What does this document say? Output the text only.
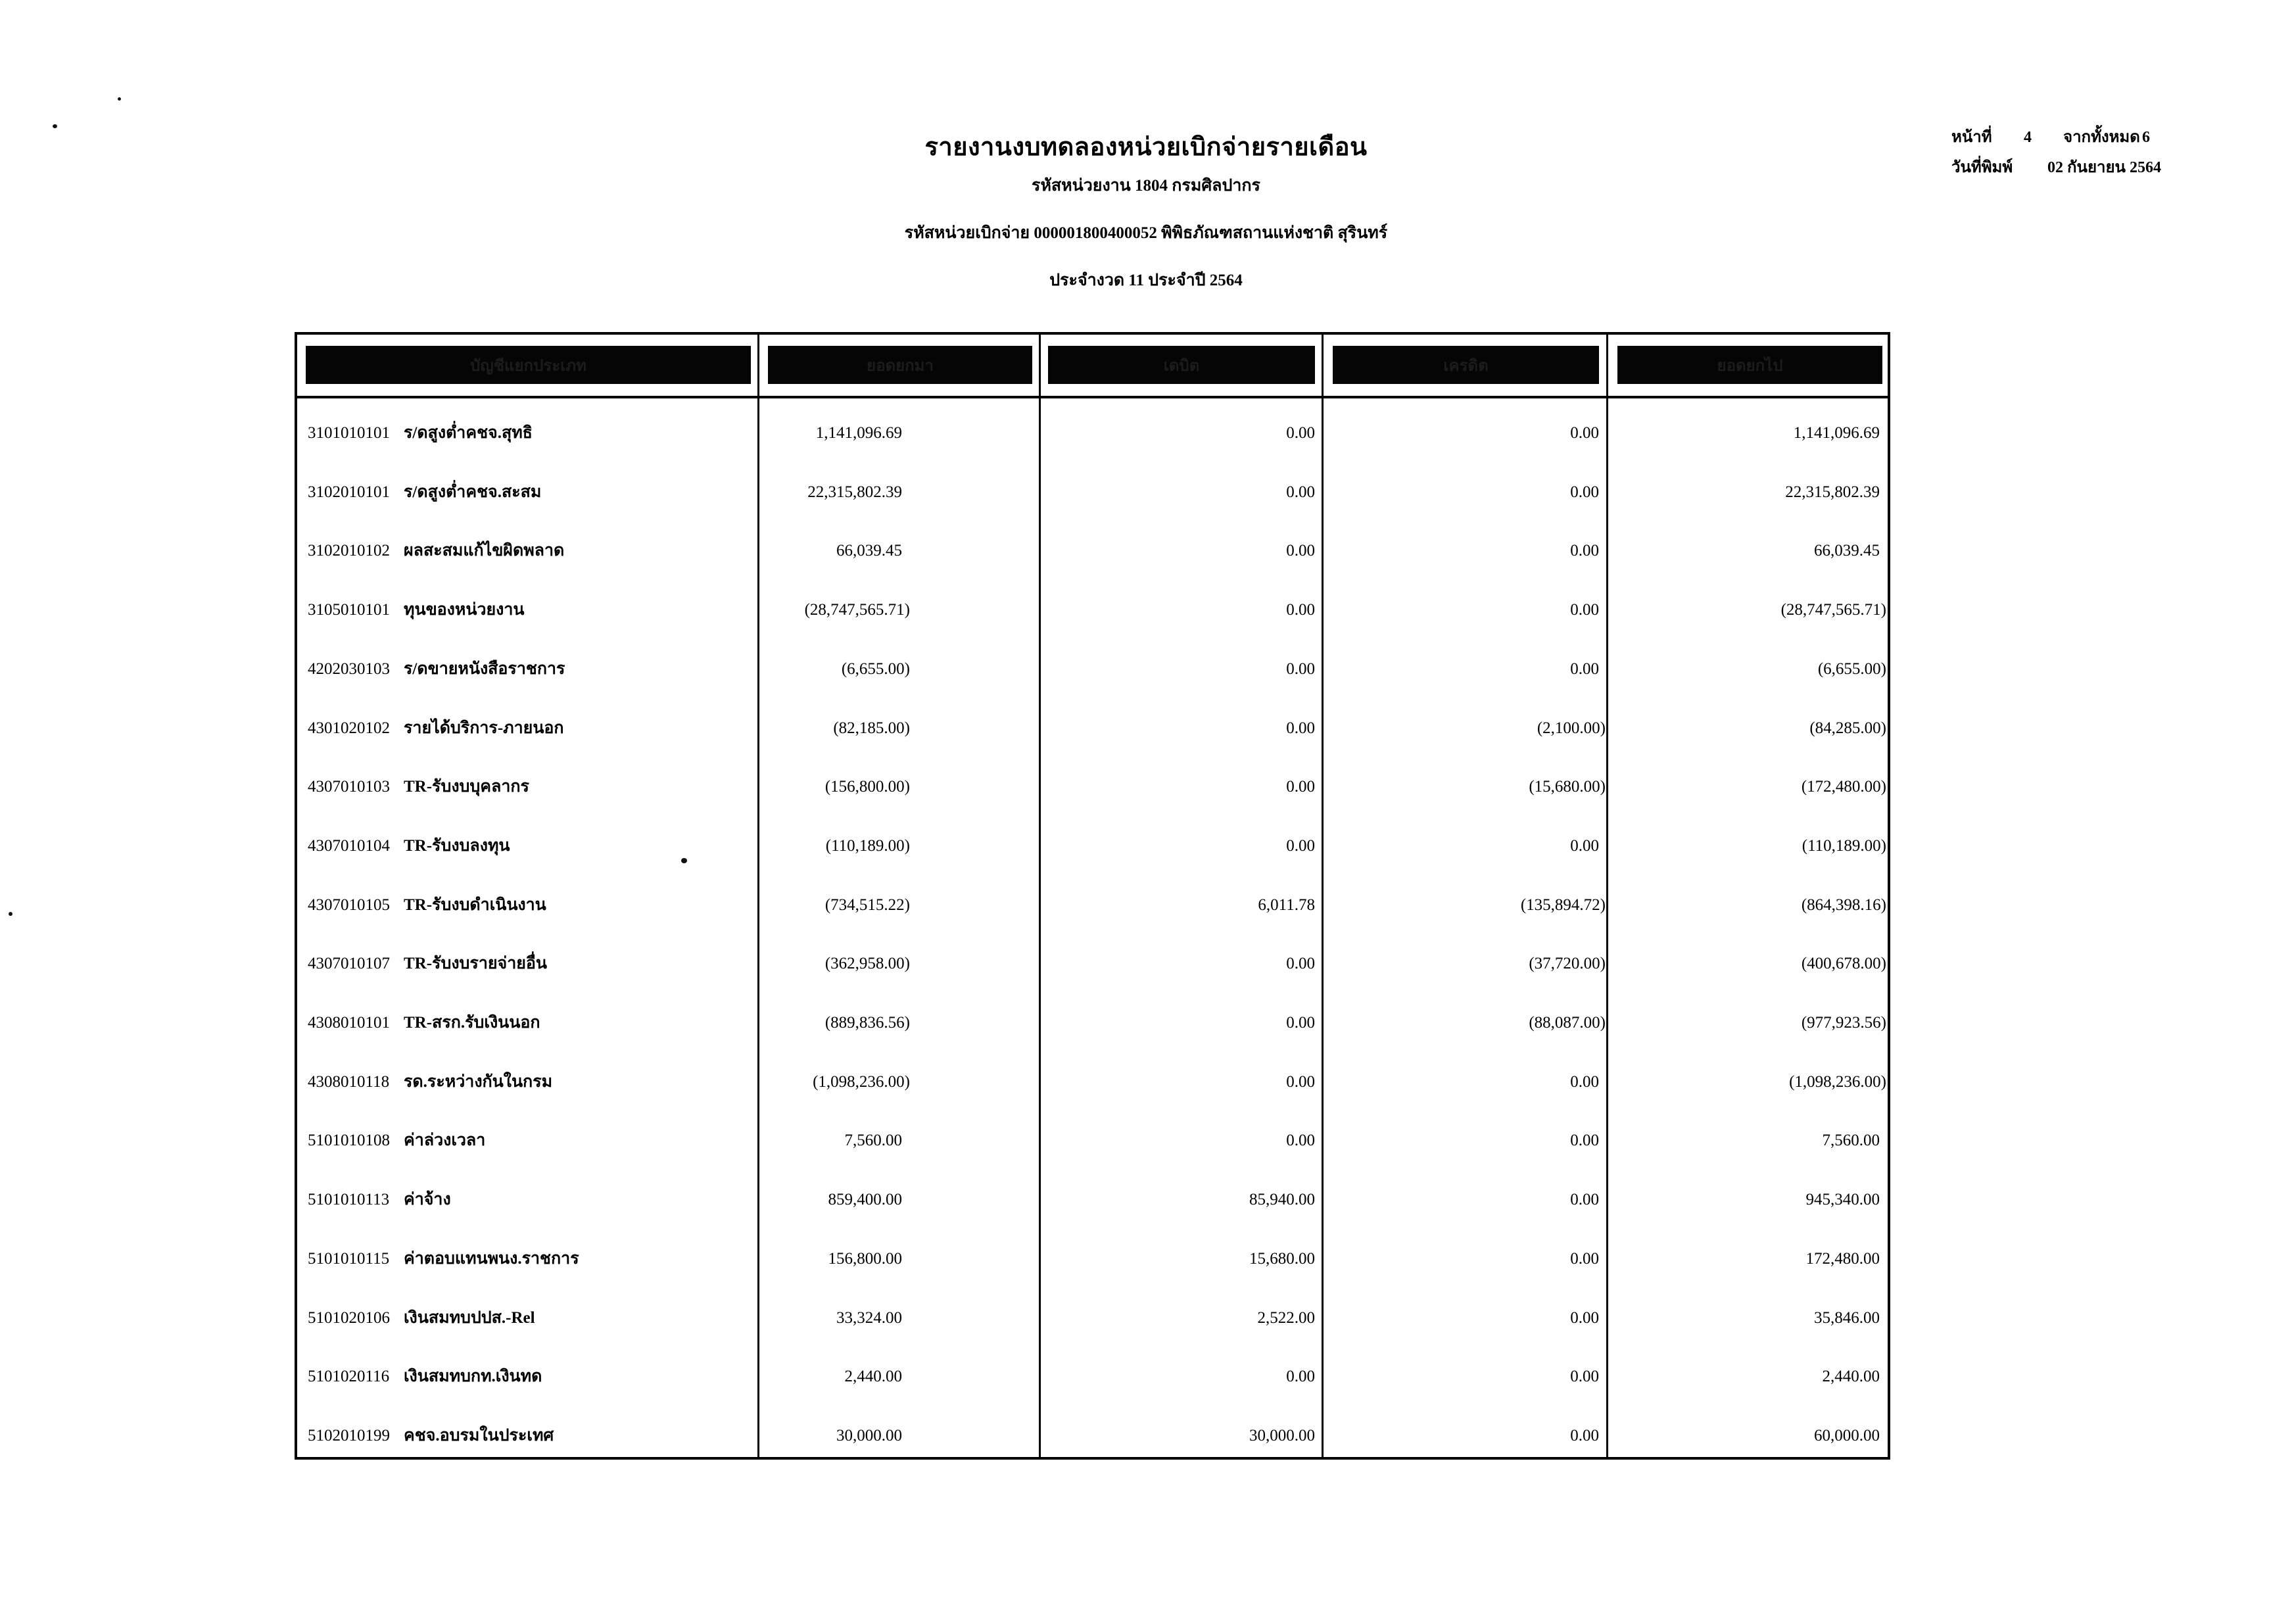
รายงานงบทดลองหน่วยเบิกจ่ายรายเดือน
รหัสหน่วยงาน 1804 กรมศิลปากร
รหัสหน่วยเบิกจ่าย 000001800400052 พิพิธภัณฑสถานแห่งชาติ สุรินทร์
ประจำงวด 11 ประจำปี 2564
หน้าที่ 4 จากทั้งหมด 6
วันที่พิมพ์ 02 กันยายน 2564
บัญชีแยกประเภท	ยอดยกมา	เดบิต	เครดิต	ยอดยกไป
3101010101 ร/ดสูงต่ำคชจ.สุทธิ	1,141,096.69	0.00	0.00	1,141,096.69
3102010101 ร/ดสูงต่ำคชจ.สะสม	22,315,802.39	0.00	0.00	22,315,802.39
3102010102 ผลสะสมแก้ไขผิดพลาด	66,039.45	0.00	0.00	66,039.45
3105010101 ทุนของหน่วยงาน	(28,747,565.71)	0.00	0.00	(28,747,565.71)
4202030103 ร/ดขายหนังสือราชการ	(6,655.00)	0.00	0.00	(6,655.00)
4301020102 รายได้บริการ-ภายนอก	(82,185.00)	0.00	(2,100.00)	(84,285.00)
4307010103 TR-รับงบบุคลากร	(156,800.00)	0.00	(15,680.00)	(172,480.00)
4307010104 TR-รับงบลงทุน	(110,189.00)	0.00	0.00	(110,189.00)
4307010105 TR-รับงบดำเนินงาน	(734,515.22)	6,011.78	(135,894.72)	(864,398.16)
4307010107 TR-รับงบรายจ่ายอื่น	(362,958.00)	0.00	(37,720.00)	(400,678.00)
4308010101 TR-สรก.รับเงินนอก	(889,836.56)	0.00	(88,087.00)	(977,923.56)
4308010118 รด.ระหว่างกันในกรม	(1,098,236.00)	0.00	0.00	(1,098,236.00)
5101010108 ค่าล่วงเวลา	7,560.00	0.00	0.00	7,560.00
5101010113 ค่าจ้าง	859,400.00	85,940.00	0.00	945,340.00
5101010115 ค่าตอบแทนพนง.ราชการ	156,800.00	15,680.00	0.00	172,480.00
5101020106 เงินสมทบปปส.-Rel	33,324.00	2,522.00	0.00	35,846.00
5101020116 เงินสมทบกท.เงินทด	2,440.00	0.00	0.00	2,440.00
5102010199 คชจ.อบรมในประเทศ	30,000.00	30,000.00	0.00	60,000.00
